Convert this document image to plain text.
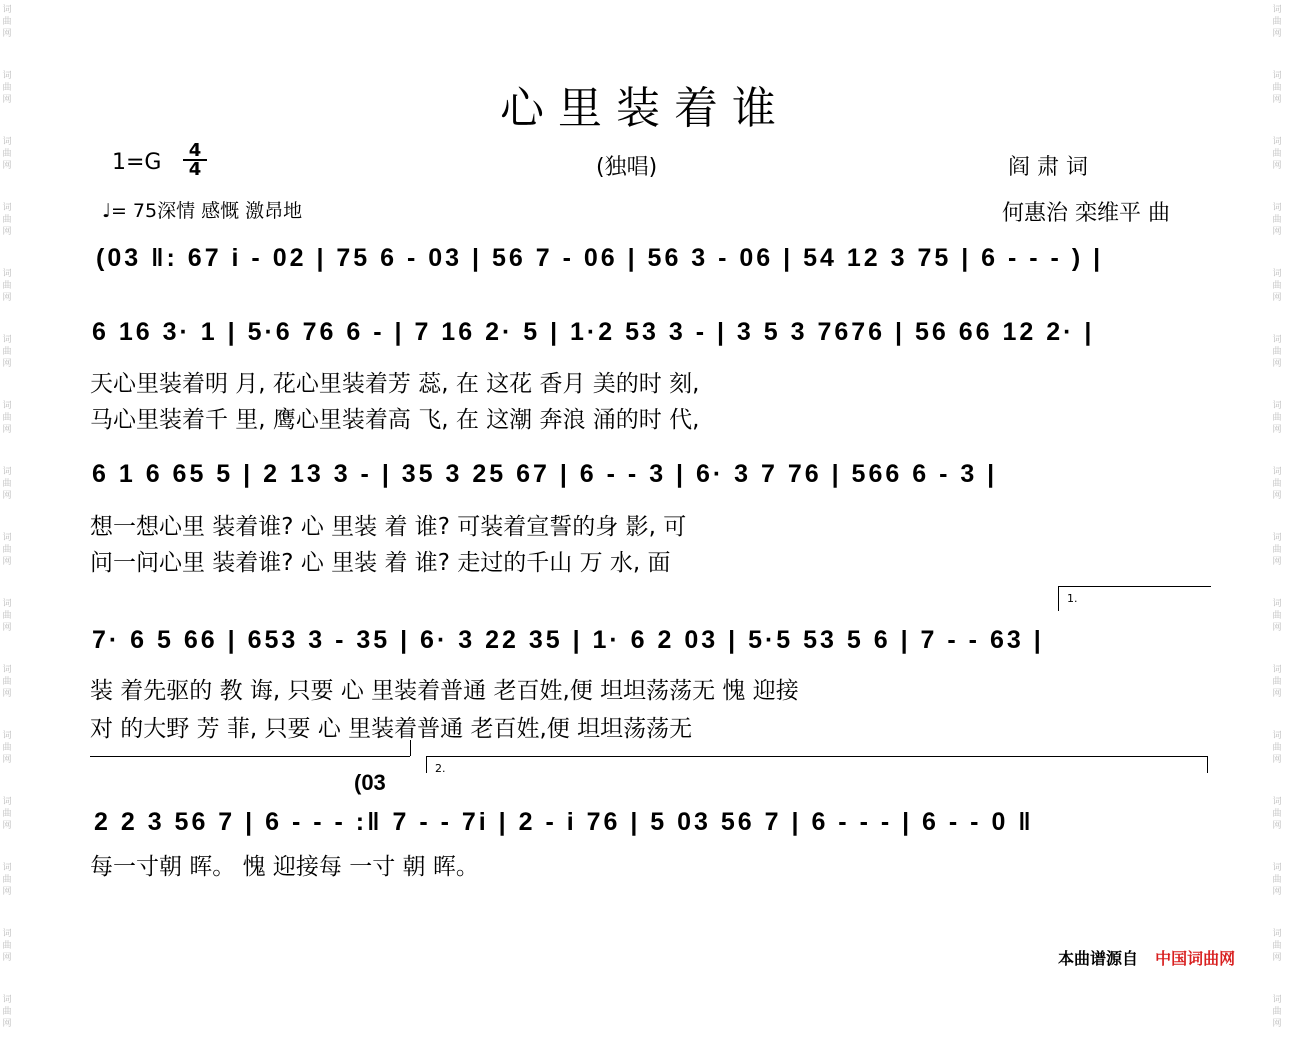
词
曲
网
词
曲
网
词
曲
网
词
曲
网
词
曲
网
词
曲
网
词
曲
网
词
曲
网
词
曲
网
词
曲
网
词
曲
网
词
曲
网
词
曲
网
词
曲
网
词
曲
网
词
曲
网
词
曲
网
词
曲
网
词
曲
网
词
曲
网
词
曲
网
词
曲
网
词
曲
网
词
曲
网
词
曲
网
词
曲
网
词
曲
网
词
曲
网
词
曲
网
词
曲
网
词
曲
网
词
曲
网
心里装着谁
1=G	4
4	(独唱)	阎 肃 词
♩= 75深情 感慨 激昂地	何惠治 栾维平 曲
(03 ‖: 67 i - 02 | 75 6 - 03 | 56 7 - 06 | 56 3 - 06 | 54 12 3 75 | 6 - - - ) |
6 16 3· 1 | 5·6 76 6 - | 7 16 2· 5 | 1·2 53 3 - | 3 5 3 7676 | 56 66 12 2· |
天心里装着明 月, 花心里装着芳 蕊, 在 这花 香月 美的时 刻,
马心里装着千 里, 鹰心里装着高 飞, 在 这潮 奔浪 涌的时 代,
6 1 6 65 5 | 2 13 3 - | 35 3 25 67 | 6 - - 3 | 6· 3 7 76 | 566 6 - 3 |
想一想心里 装着谁? 心 里装 着 谁? 可装着宣誓的身 影, 可
问一问心里 装着谁? 心 里装 着 谁? 走过的千山 万 水, 面
1.
7· 6 5 66 | 653 3 - 35 | 6· 3 22 35 | 1· 6 2 03 | 5·5 53 5 6 | 7 - - 63 |
装 着先驱的 教 诲, 只要 心 里装着普通 老百姓,便 坦坦荡荡无 愧 迎接
对 的大野 芳 菲, 只要 心 里装着普通 老百姓,便 坦坦荡荡无
2.
(03
2 2 3 56 7 | 6 - - - :‖ 7 - - 7i | 2 - i 76 | 5 03 56 7 | 6 - - - | 6 - - 0 ‖
每一寸朝 晖。 愧 迎接每 一寸 朝 晖。
本曲谱源自 中国词曲网
